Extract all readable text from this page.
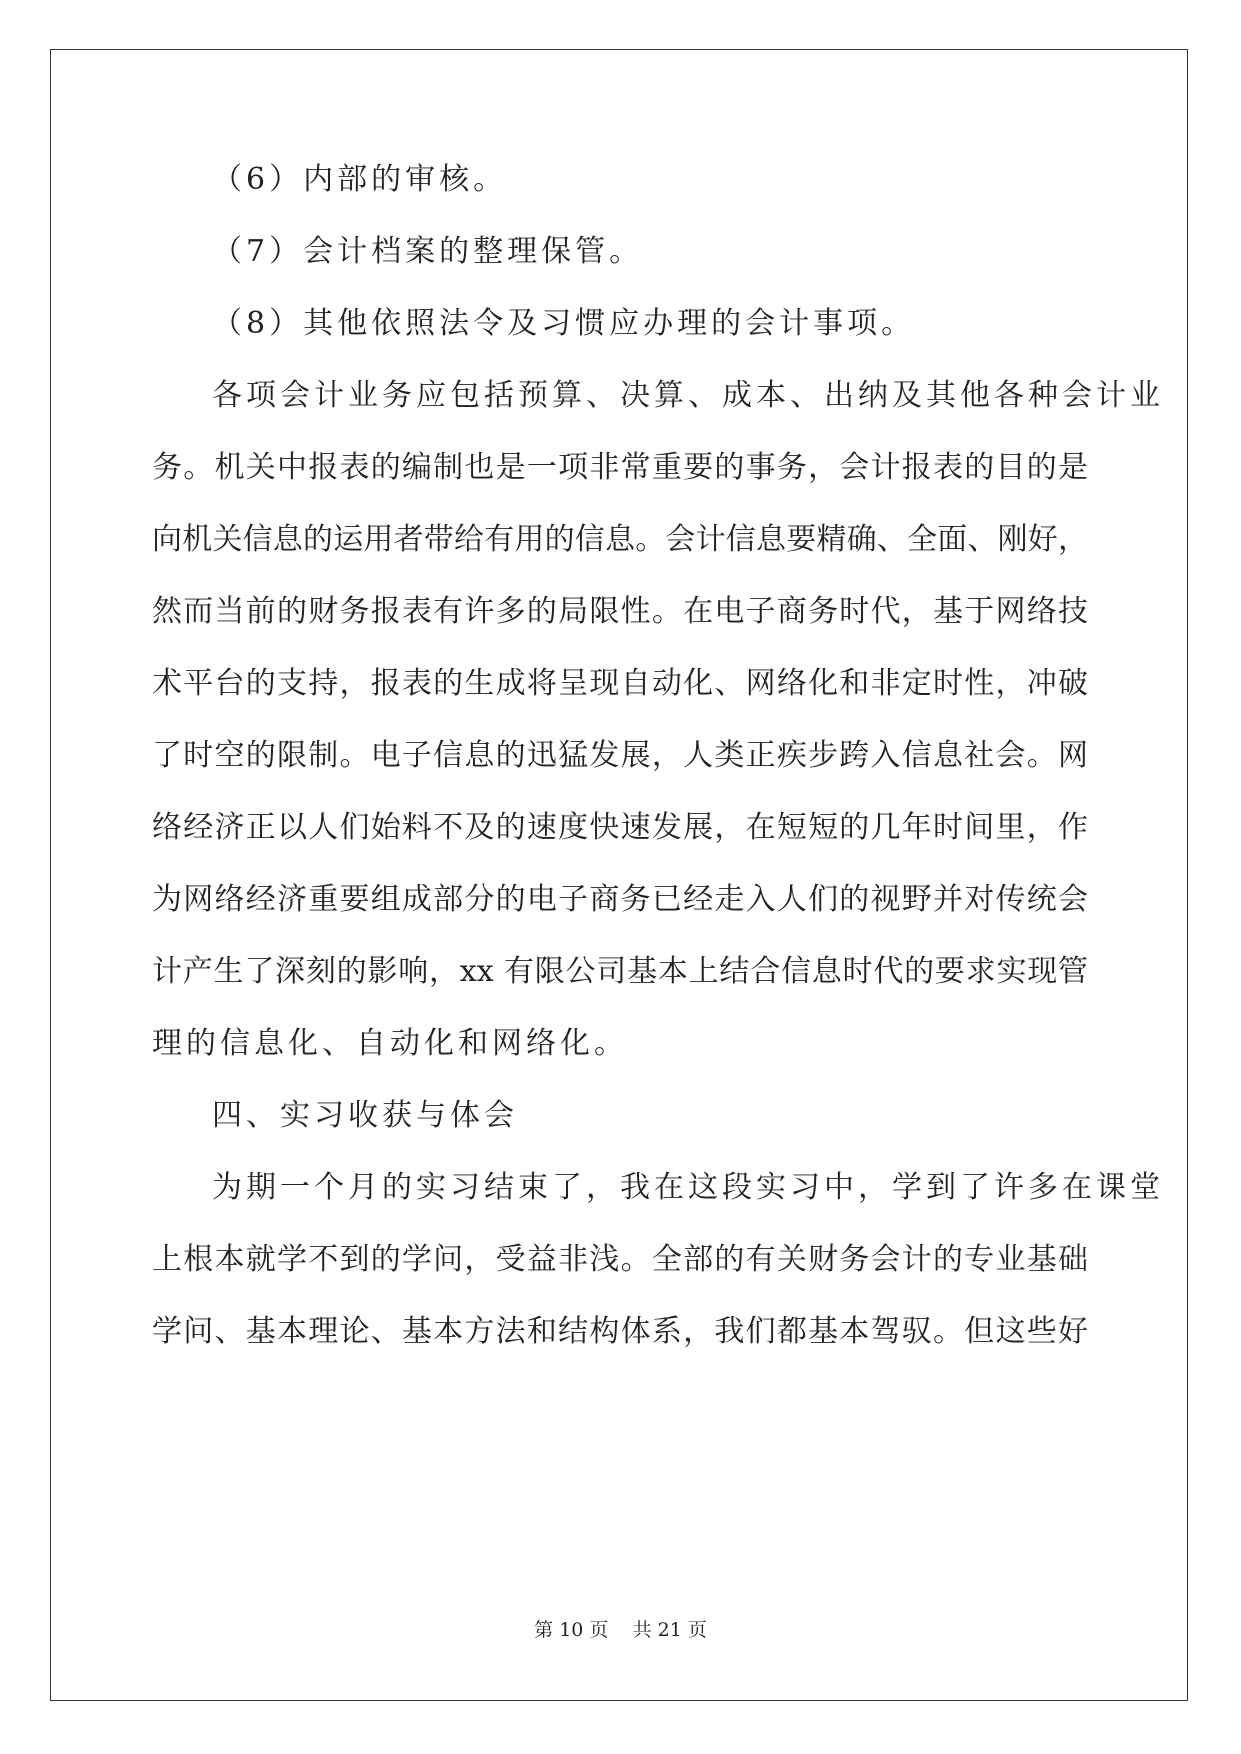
（6）内部的审核。
（7）会计档案的整理保管。
（8）其他依照法令及习惯应办理的会计事项。
各项会计业务应包括预算、决算、成本、出纳及其他各种会计业
务。机关中报表的编制也是一项非常重要的事务，会计报表的目的是
向机关信息的运用者带给有用的信息。会计信息要精确、全面、刚好，
然而当前的财务报表有许多的局限性。在电子商务时代，基于网络技
术平台的支持，报表的生成将呈现自动化、网络化和非定时性，冲破
了时空的限制。电子信息的迅猛发展，人类正疾步跨入信息社会。网
络经济正以人们始料不及的速度快速发展，在短短的几年时间里，作
为网络经济重要组成部分的电子商务已经走入人们的视野并对传统会
计产生了深刻的影响，xx 有限公司基本上结合信息时代的要求实现管
理的信息化、自动化和网络化。
四、实习收获与体会
为期一个月的实习结束了，我在这段实习中，学到了许多在课堂
上根本就学不到的学问，受益非浅。全部的有关财务会计的专业基础
学问、基本理论、基本方法和结构体系，我们都基本驾驭。但这些好
第 10 页    共 21 页
